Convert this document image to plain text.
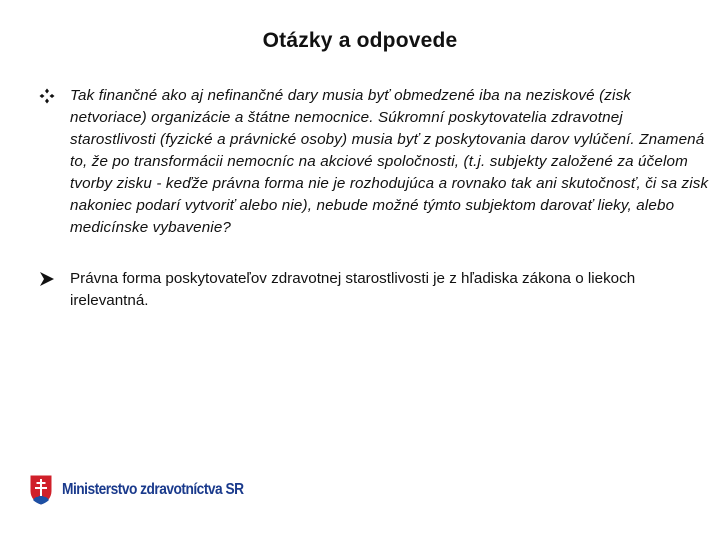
Otázky a odpovede
Tak finančné ako aj nefinančné dary musia byť obmedzené iba na neziskové (zisk netvoriace) organizácie a štátne nemocnice. Súkromní poskytovatelia zdravotnej starostlivosti (fyzické a právnické osoby) musia byť z poskytovania darov vylúčení. Znamená to, že po transformácii nemocníc na akciové spoločnosti, (t.j. subjekty založené za účelom tvorby zisku - keďže právna forma nie je rozhodujúca a rovnako tak ani skutočnosť, či sa zisk nakoniec podarí vytvoriť alebo nie), nebude možné týmto subjektom darovať lieky, alebo medicínske vybavenie?
Právna forma poskytovateľov zdravotnej starostlivosti je z hľadiska zákona o liekoch irelevantná.
Ministerstvo zdravotníctva SR
